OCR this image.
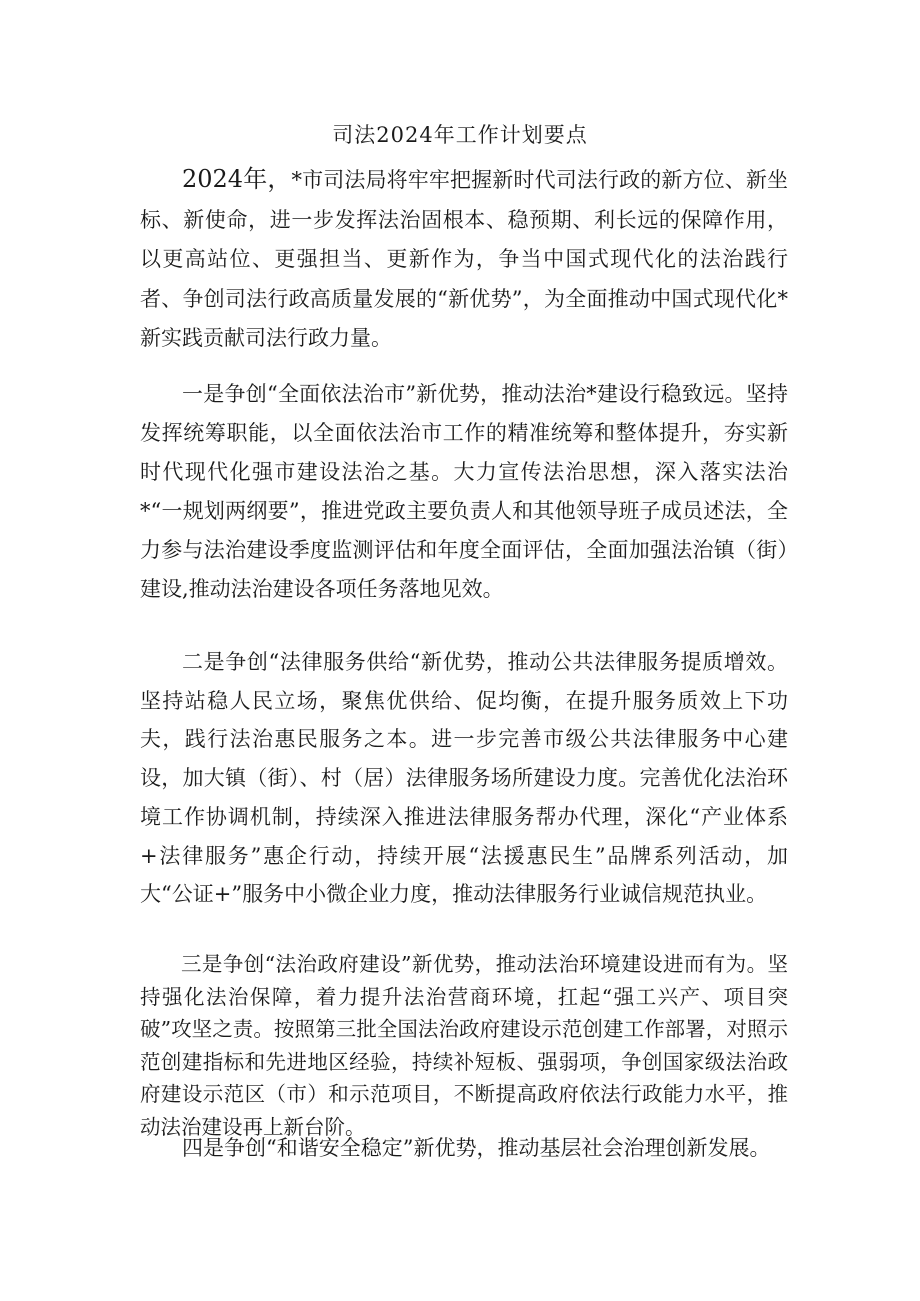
司法2024年工作计划要点

2024年，*市司法局将牢牢把握新时代司法行政的新方位、新坐标、新使命，进一步发挥法治固根本、稳预期、利长远的保障作用，以更高站位、更强担当、更新作为，争当中国式现代化的法治践行者、争创司法行政高质量发展的“新优势”，为全面推动中国式现代化*新实践贡献司法行政力量。

一是争创“全面依法治市”新优势，推动法治*建设行稳致远。坚持发挥统筹职能，以全面依法治市工作的精准统筹和整体提升，夯实新时代现代化强市建设法治之基。大力宣传法治思想，深入落实法治*“一规划两纲要”，推进党政主要负责人和其他领导班子成员述法，全力参与法治建设季度监测评估和年度全面评估，全面加强法治镇（街）建设,推动法治建设各项任务落地见效。

二是争创“法律服务供给“新优势，推动公共法律服务提质增效。坚持站稳人民立场，聚焦优供给、促均衡，在提升服务质效上下功夫，践行法治惠民服务之本。进一步完善市级公共法律服务中心建设，加大镇（街）、村（居）法律服务场所建设力度。完善优化法治环境工作协调机制，持续深入推进法律服务帮办代理，深化“产业体系+法律服务”惠企行动，持续开展“法援惠民生”品牌系列活动，加大“公证+”服务中小微企业力度，推动法律服务行业诚信规范执业。

三是争创“法治政府建设”新优势，推动法治环境建设进而有为。坚持强化法治保障，着力提升法治营商环境，扛起“强工兴产、项目突破”攻坚之责。按照第三批全国法治政府建设示范创建工作部署，对照示范创建指标和先进地区经验，持续补短板、强弱项，争创国家级法治政府建设示范区（市）和示范项目，不断提高政府依法行政能力水平，推动法治建设再上新台阶。

四是争创“和谐安全稳定”新优势，推动基层社会治理创新发展。
